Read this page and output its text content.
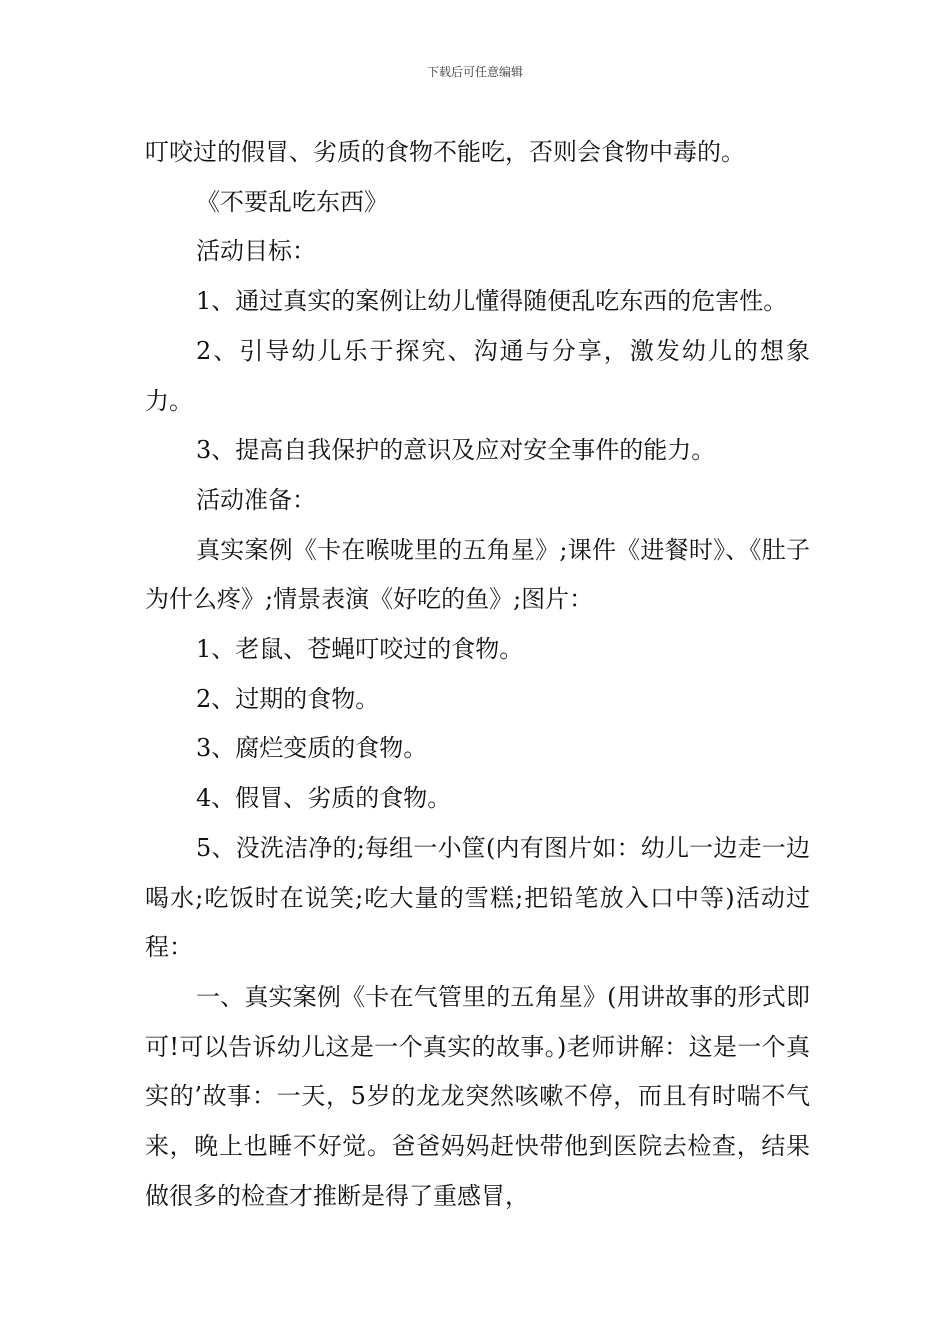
下载后可任意编辑

叮咬过的假冒、劣质的食物不能吃，否则会食物中毒的。

《不要乱吃东西》

活动目标：

1、通过真实的案例让幼儿懂得随便乱吃东西的危害性。

2、引导幼儿乐于探究、沟通与分享，激发幼儿的想象力。

3、提高自我保护的意识及应对安全事件的能力。

活动准备：

真实案例《卡在喉咙里的五角星》;课件《进餐时》、《肚子为什么疼》;情景表演《好吃的鱼》;图片：

1、老鼠、苍蝇叮咬过的食物。

2、过期的食物。

3、腐烂变质的食物。

4、假冒、劣质的食物。

5、没洗洁净的;每组一小筐(内有图片如：幼儿一边走一边喝水;吃饭时在说笑;吃大量的雪糕;把铅笔放入口中等)活动过程：

一、真实案例《卡在气管里的五角星》(用讲故事的形式即可!可以告诉幼儿这是一个真实的故事。)老师讲解：这是一个真实的’故事：一天，5岁的龙龙突然咳嗽不停，而且有时喘不气来，晚上也睡不好觉。爸爸妈妈赶快带他到医院去检查，结果做很多的检查才推断是得了重感冒，
